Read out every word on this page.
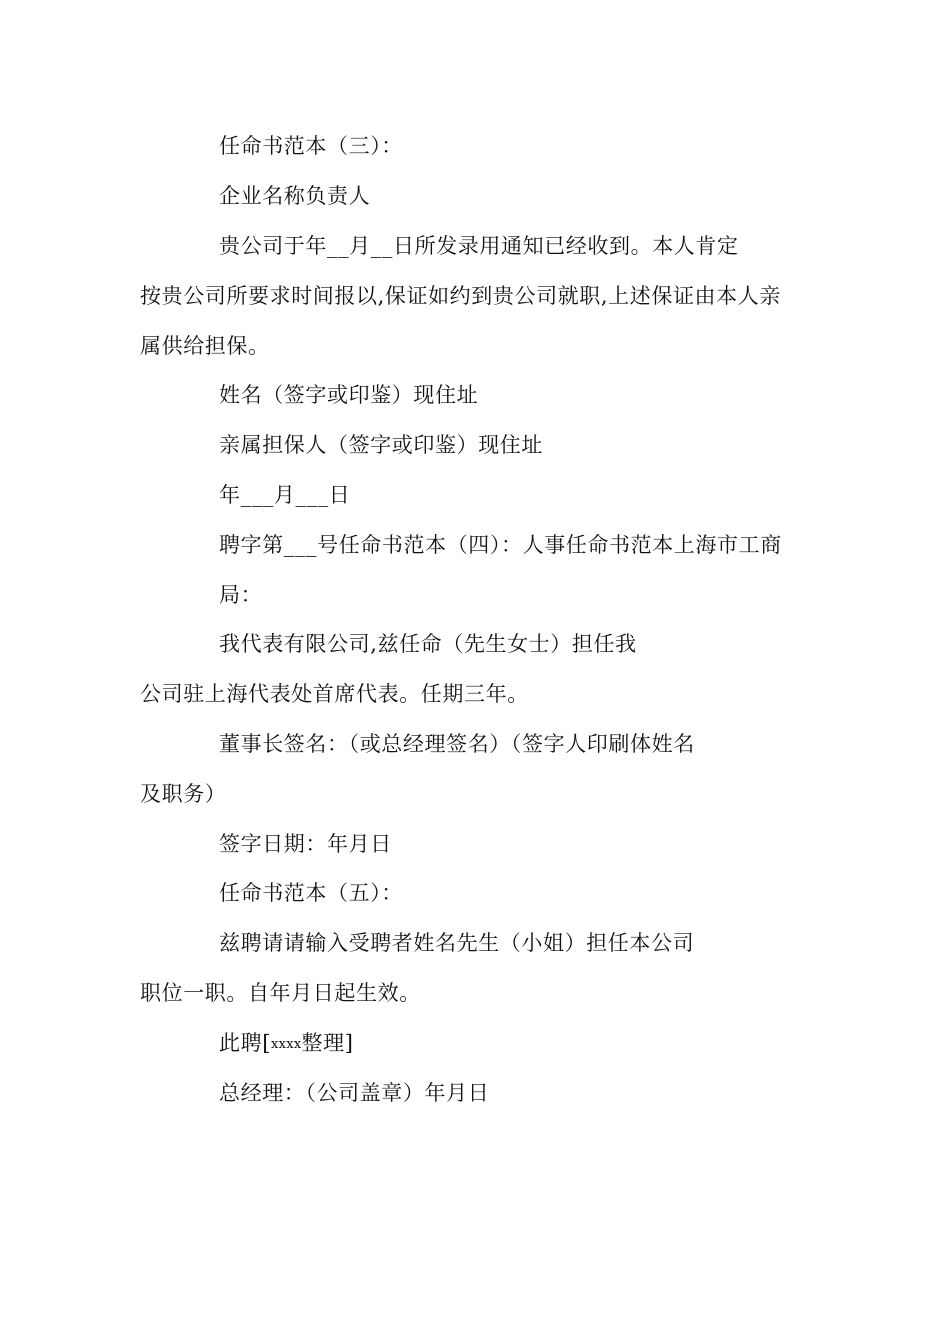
任命书范本（三）：
企业名称负责人
贵公司于年__月__日所发录用通知已经收到。本人肯定
按贵公司所要求时间报以,保证如约到贵公司就职,上述保证由本人亲
属供给担保。
姓名（签字或印鉴）现住址
亲属担保人（签字或印鉴）现住址
年___月___日
聘字第___号任命书范本（四）：人事任命书范本上海市工商
局：
我代表有限公司,兹任命（先生女士）担任我
公司驻上海代表处首席代表。任期三年。
董事长签名：（或总经理签名）（签字人印刷体姓名
及职务）
签字日期：年月日
任命书范本（五）：
兹聘请请输入受聘者姓名先生（小姐）担任本公司
职位一职。自年月日起生效。
此聘[xxxx整理]
总经理：（公司盖章）年月日
